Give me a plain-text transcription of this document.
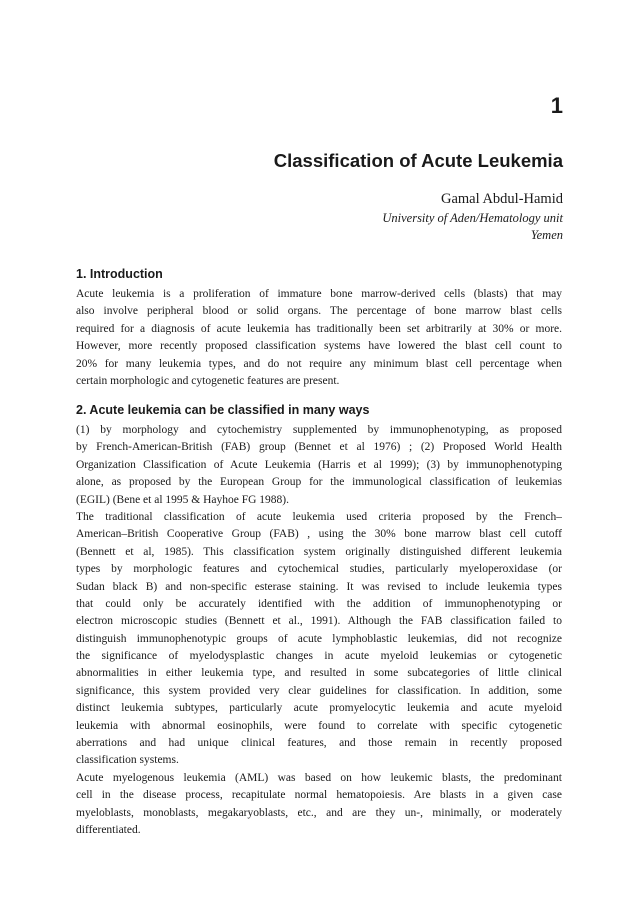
1
Classification of Acute Leukemia
Gamal Abdul-Hamid
University of Aden/Hematology unit
Yemen
1. Introduction
Acute leukemia is a proliferation of immature bone marrow-derived cells (blasts) that may
also involve peripheral blood or solid organs. The percentage of bone marrow blast cells
required for a diagnosis of acute leukemia has traditionally been set arbitrarily at 30% or more.
However, more recently proposed classification systems have lowered the blast cell count to
20% for many leukemia types, and do not require any minimum blast cell percentage when
certain morphologic and cytogenetic features are present.
2. Acute leukemia can be classified in many ways
(1) by morphology and cytochemistry supplemented by immunophenotyping, as proposed
by French-American-British (FAB) group (Bennet et al 1976) ; (2) Proposed World Health
Organization Classification of Acute Leukemia (Harris et al 1999); (3) by immunophenotyping
alone, as proposed by the European Group for the immunological classification of leukemias
(EGIL) (Bene et al 1995 & Hayhoe FG 1988).
The traditional classification of acute leukemia used criteria proposed by the French–
American–British Cooperative Group (FAB) , using the 30% bone marrow blast cell cutoff
(Bennett et al, 1985). This classification system originally distinguished different leukemia
types by morphologic features and cytochemical studies, particularly myeloperoxidase (or
Sudan black B) and non-specific esterase staining. It was revised to include leukemia types
that could only be accurately identified with the addition of immunophenotyping or
electron microscopic studies (Bennett et al., 1991). Although the FAB classification failed to
distinguish immunophenotypic groups of acute lymphoblastic leukemias, did not recognize
the significance of myelodysplastic changes in acute myeloid leukemias or cytogenetic
abnormalities in either leukemia type, and resulted in some subcategories of little clinical
significance, this system provided very clear guidelines for classification. In addition, some
distinct leukemia subtypes, particularly acute promyelocytic leukemia and acute myeloid
leukemia with abnormal eosinophils, were found to correlate with specific cytogenetic
aberrations and had unique clinical features, and those remain in recently proposed
classification systems.
Acute myelogenous leukemia (AML) was based on how leukemic blasts, the predominant
cell in the disease process, recapitulate normal hematopoiesis. Are blasts in a given case
myeloblasts, monoblasts, megakaryoblasts, etc., and are they un-, minimally, or moderately
differentiated.
